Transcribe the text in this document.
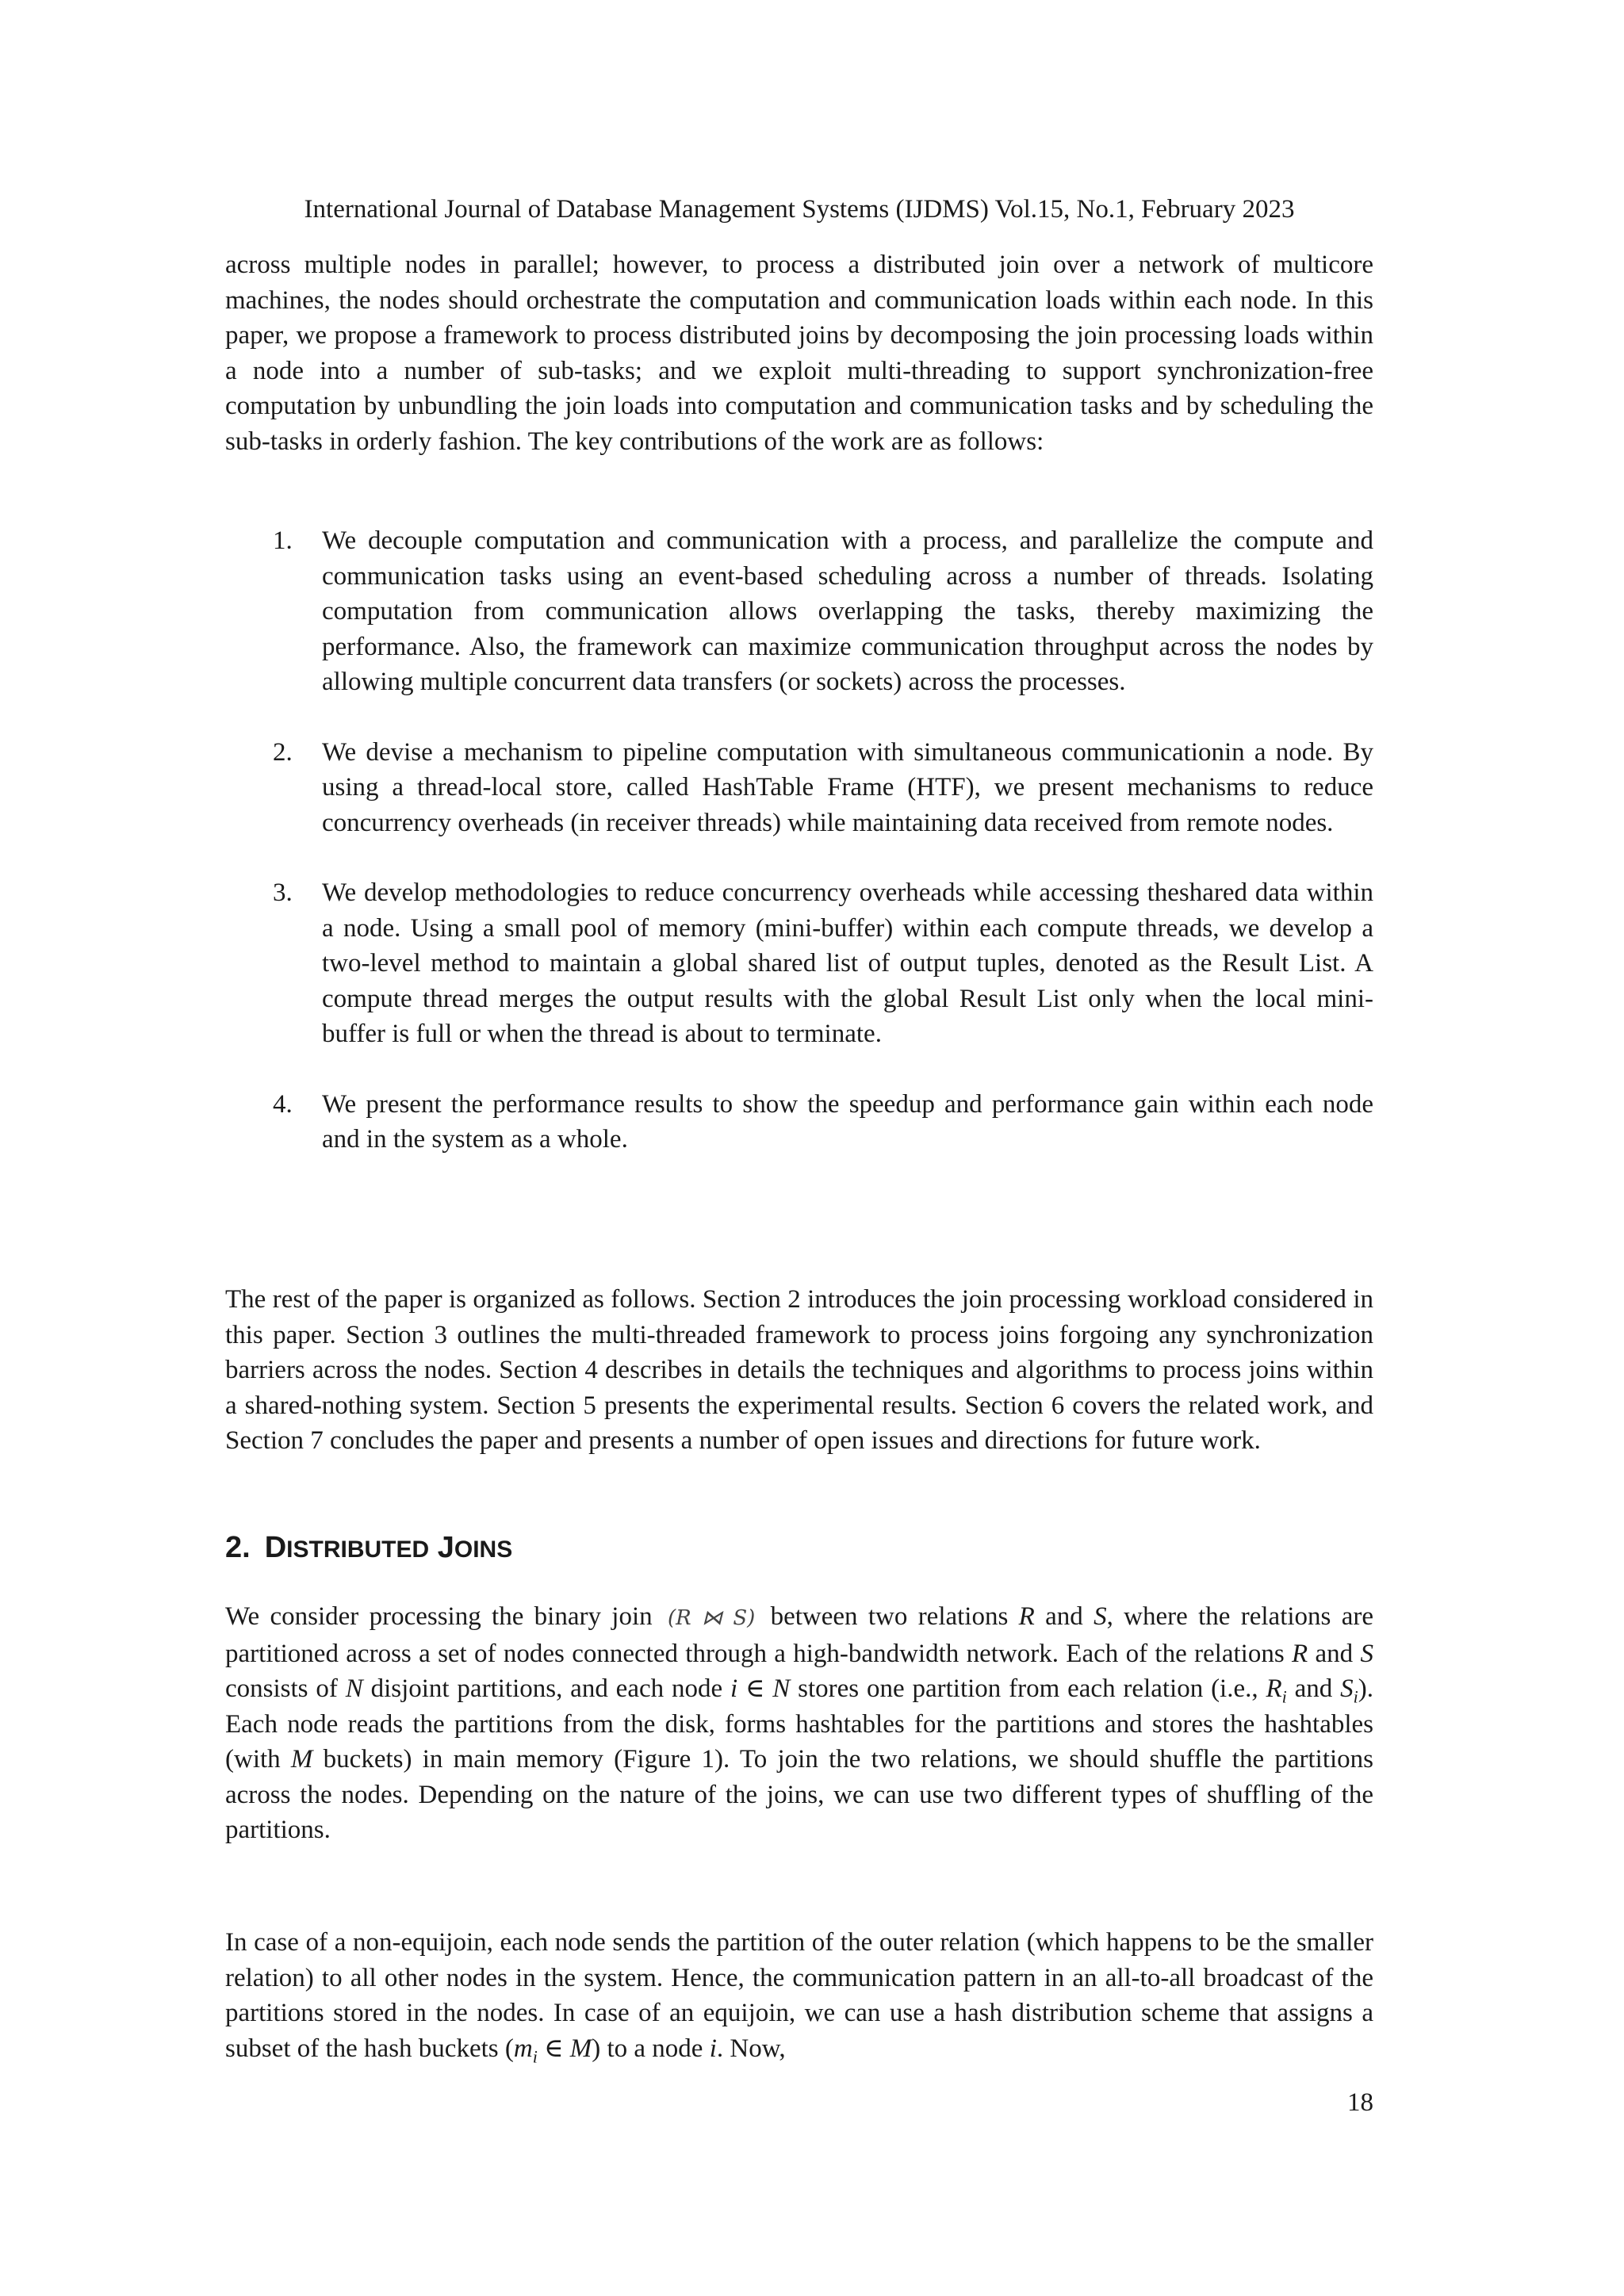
International Journal of Database Management Systems (IJDMS) Vol.15, No.1, February 2023

across multiple nodes in parallel; however, to process a distributed join over a network of multicore machines, the nodes should orchestrate the computation and communication loads within each node. In this paper, we propose a framework to process distributed joins by decomposing the join processing loads within a node into a number of sub-tasks; and we exploit multi-threading to support synchronization-free computation by unbundling the join loads into computation and communication tasks and by scheduling the sub-tasks in orderly fashion. The key contributions of the work are as follows:

1. We decouple computation and communication with a process, and parallelize the compute and communication tasks using an event-based scheduling across a number of threads. Isolating computation from communication allows overlapping the tasks, thereby maximizing the performance. Also, the framework can maximize communication throughput across the nodes by allowing multiple concurrent data transfers (or sockets) across the processes.
2. We devise a mechanism to pipeline computation with simultaneous communicationin a node. By using a thread-local store, called HashTable Frame (HTF), we present mechanisms to reduce concurrency overheads (in receiver threads) while maintaining data received from remote nodes.
3. We develop methodologies to reduce concurrency overheads while accessing theshared data within a node. Using a small pool of memory (mini-buffer) within each compute threads, we develop a two-level method to maintain a global shared list of output tuples, denoted as the Result List. A compute thread merges the output results with the global Result List only when the local mini-buffer is full or when the thread is about to terminate.
4. We present the performance results to show the speedup and performance gain within each node and in the system as a whole.

The rest of the paper is organized as follows. Section 2 introduces the join processing workload considered in this paper. Section 3 outlines the multi-threaded framework to process joins forgoing any synchronization barriers across the nodes. Section 4 describes in details the techniques and algorithms to process joins within a shared-nothing system. Section 5 presents the experimental results. Section 6 covers the related work, and Section 7 concludes the paper and presents a number of open issues and directions for future work.

2. DISTRIBUTED JOINS

We consider processing the binary join (R ⋈ S) between two relations R and S, where the relations are partitioned across a set of nodes connected through a high-bandwidth network. Each of the relations R and S consists of N disjoint partitions, and each node i ∈ N stores one partition from each relation (i.e., $R_i$ and $S_i$). Each node reads the partitions from the disk, forms hashtables for the partitions and stores the hashtables (with M buckets) in main memory (Figure 1). To join the two relations, we should shuffle the partitions across the nodes. Depending on the nature of the joins, we can use two different types of shuffling of the partitions.

In case of a non-equijoin, each node sends the partition of the outer relation (which happens to be the smaller relation) to all other nodes in the system. Hence, the communication pattern in an all-to-all broadcast of the partitions stored in the nodes. In case of an equijoin, we can use a hash distribution scheme that assigns a subset of the hash buckets ($m_i$ ∈ M) to a node i. Now,

18
